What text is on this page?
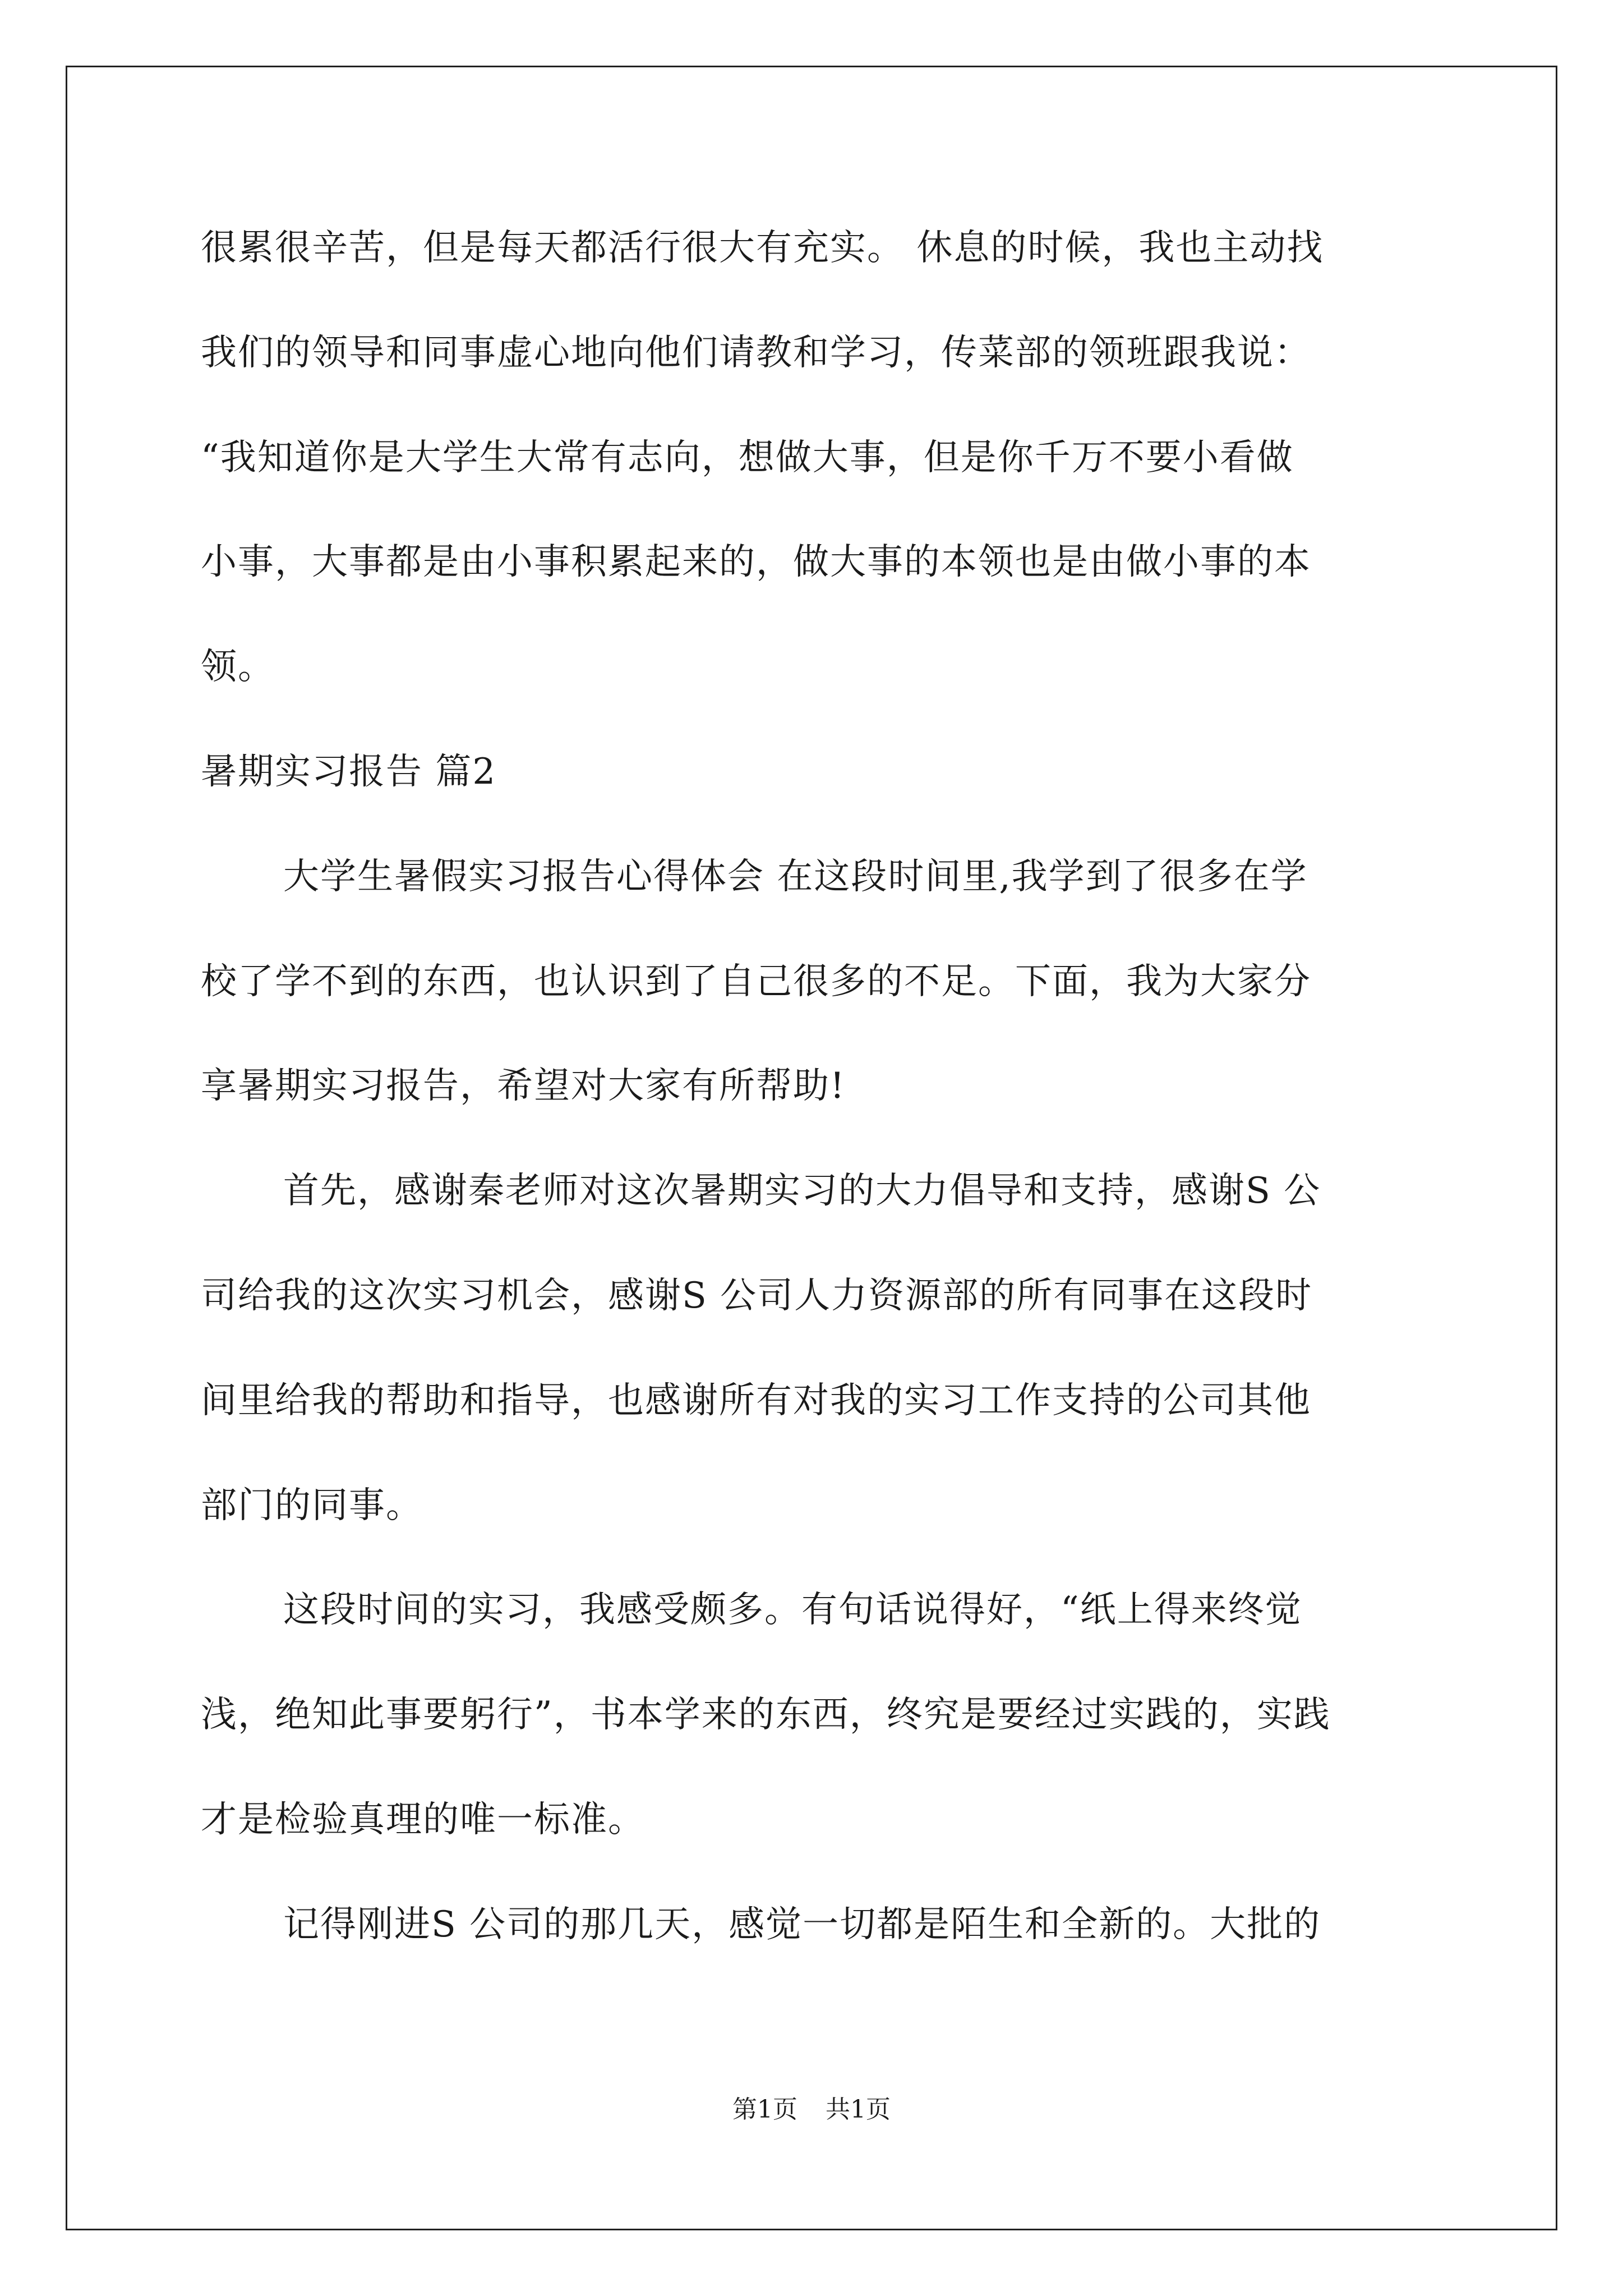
很累很辛苦，但是每天都活行很大有充实。 休息的时候，我也主动找
我们的领导和同事虚心地向他们请教和学习，传菜部的领班跟我说：
“我知道你是大学生大常有志向，想做大事，但是你千万不要小看做
小事，大事都是由小事积累起来的，做大事的本领也是由做小事的本
领。
暑期实习报告 篇2
大学生暑假实习报告心得体会 在这段时间里,我学到了很多在学
校了学不到的东西，也认识到了自己很多的不足。下面，我为大家分
享暑期实习报告，希望对大家有所帮助!
首先，感谢秦老师对这次暑期实习的大力倡导和支持，感谢S 公
司给我的这次实习机会，感谢S 公司人力资源部的所有同事在这段时
间里给我的帮助和指导，也感谢所有对我的实习工作支持的公司其他
部门的同事。
这段时间的实习，我感受颇多。有句话说得好，“纸上得来终觉
浅，绝知此事要躬行”，书本学来的东西，终究是要经过实践的，实践
才是检验真理的唯一标准。
记得刚进S 公司的那几天，感觉一切都是陌生和全新的。大批的
第1页 共1页
